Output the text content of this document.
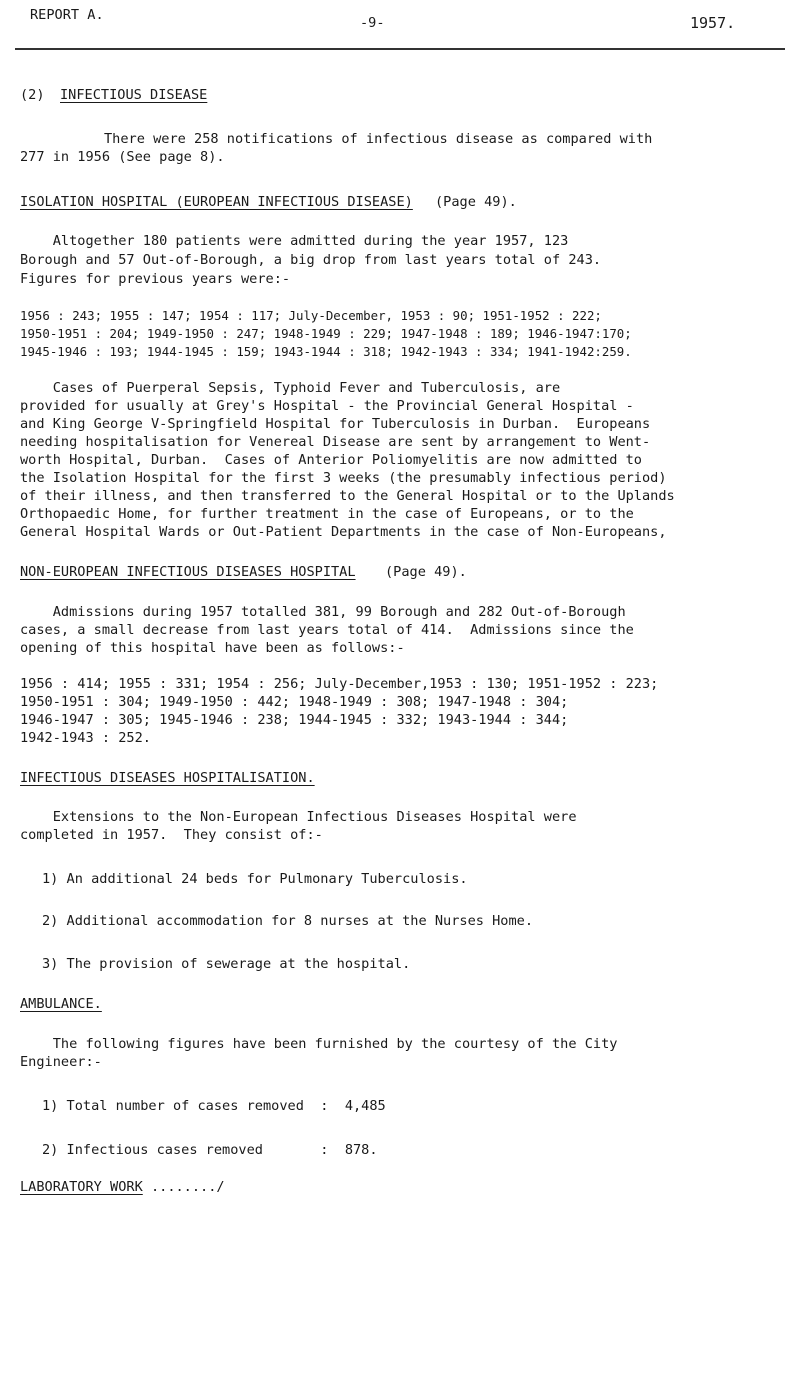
REPORT A.	-9-	1957.
(2) INFECTIOUS DISEASE
There were 258 notifications of infectious disease as compared with
277 in 1956 (See page 8).
ISOLATION HOSPITAL (EUROPEAN INFECTIOUS DISEASE) (Page 49).
Altogether 180 patients were admitted during the year 1957, 123
Borough and 57 Out-of-Borough, a big drop from last years total of 243.
Figures for previous years were:-
1956 : 243; 1955 : 147; 1954 : 117; July-December, 1953 : 90; 1951-1952 : 222;
1950-1951 : 204; 1949-1950 : 247; 1948-1949 : 229; 1947-1948 : 189; 1946-1947:170;
1945-1946 : 193; 1944-1945 : 159; 1943-1944 : 318; 1942-1943 : 334; 1941-1942:259.
Cases of Puerperal Sepsis, Typhoid Fever and Tuberculosis, are
provided for usually at Grey's Hospital - the Provincial General Hospital -
and King George V-Springfield Hospital for Tuberculosis in Durban.  Europeans
needing hospitalisation for Venereal Disease are sent by arrangement to Went-
worth Hospital, Durban.  Cases of Anterior Poliomyelitis are now admitted to
the Isolation Hospital for the first 3 weeks (the presumably infectious period)
of their illness, and then transferred to the General Hospital or to the Uplands
Orthopaedic Home, for further treatment in the case of Europeans, or to the
General Hospital Wards or Out-Patient Departments in the case of Non-Europeans,
NON-EUROPEAN INFECTIOUS DISEASES HOSPITAL (Page 49).
Admissions during 1957 totalled 381, 99 Borough and 282 Out-of-Borough
cases, a small decrease from last years total of 414.  Admissions since the
opening of this hospital have been as follows:-
1956 : 414; 1955 : 331; 1954 : 256; July-December,1953 : 130; 1951-1952 : 223;
1950-1951 : 304; 1949-1950 : 442; 1948-1949 : 308; 1947-1948 : 304;
1946-1947 : 305; 1945-1946 : 238; 1944-1945 : 332; 1943-1944 : 344;
1942-1943 : 252.
INFECTIOUS DISEASES HOSPITALISATION.
Extensions to the Non-European Infectious Diseases Hospital were
completed in 1957.  They consist of:-
1) An additional 24 beds for Pulmonary Tuberculosis.
2) Additional accommodation for 8 nurses at the Nurses Home.
3) The provision of sewerage at the hospital.
AMBULANCE.
The following figures have been furnished by the courtesy of the City
Engineer:-
1) Total number of cases removed  :  4,485
2) Infectious cases removed       :  878.
LABORATORY WORK ......../
